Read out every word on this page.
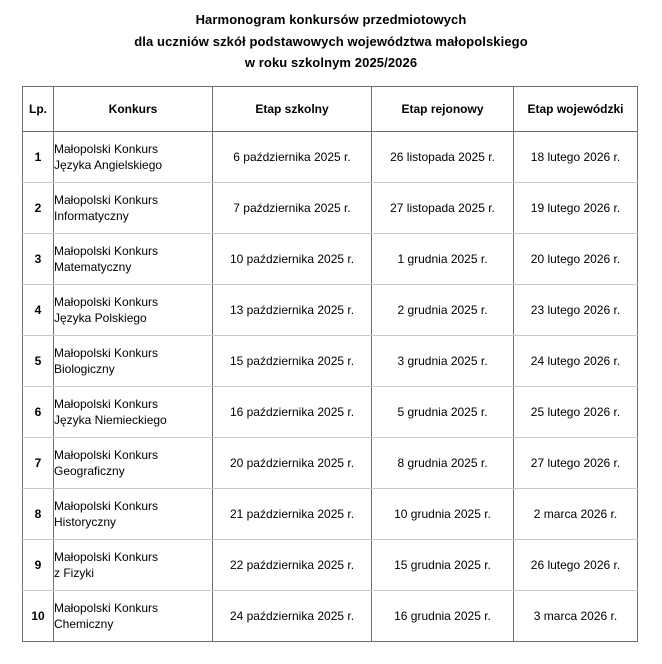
Harmonogram konkursów przedmiotowych
dla uczniów szkół podstawowych województwa małopolskiego
w roku szkolnym 2025/2026
Lp.	Konkurs	Etap szkolny	Etap rejonowy	Etap wojewódzki
1	Małopolski Konkurs
Języka Angielskiego	6 października 2025 r.	26 listopada 2025 r.	18 lutego 2026 r.
2	Małopolski Konkurs
Informatyczny	7 października 2025 r.	27 listopada 2025 r.	19 lutego 2026 r.
3	Małopolski Konkurs
Matematyczny	10 października 2025 r.	1 grudnia 2025 r.	20 lutego 2026 r.
4	Małopolski Konkurs
Języka Polskiego	13 października 2025 r.	2 grudnia 2025 r.	23 lutego 2026 r.
5	Małopolski Konkurs
Biologiczny	15 października 2025 r.	3 grudnia 2025 r.	24 lutego 2026 r.
6	Małopolski Konkurs
Języka Niemieckiego	16 października 2025 r.	5 grudnia 2025 r.	25 lutego 2026 r.
7	Małopolski Konkurs
Geograficzny	20 października 2025 r.	8 grudnia 2025 r.	27 lutego 2026 r.
8	Małopolski Konkurs
Historyczny	21 października 2025 r.	10 grudnia 2025 r.	2 marca 2026 r.
9	Małopolski Konkurs
z Fizyki	22 października 2025 r.	15 grudnia 2025 r.	26 lutego 2026 r.
10	Małopolski Konkurs
Chemiczny	24 października 2025 r.	16 grudnia 2025 r.	3 marca 2026 r.
